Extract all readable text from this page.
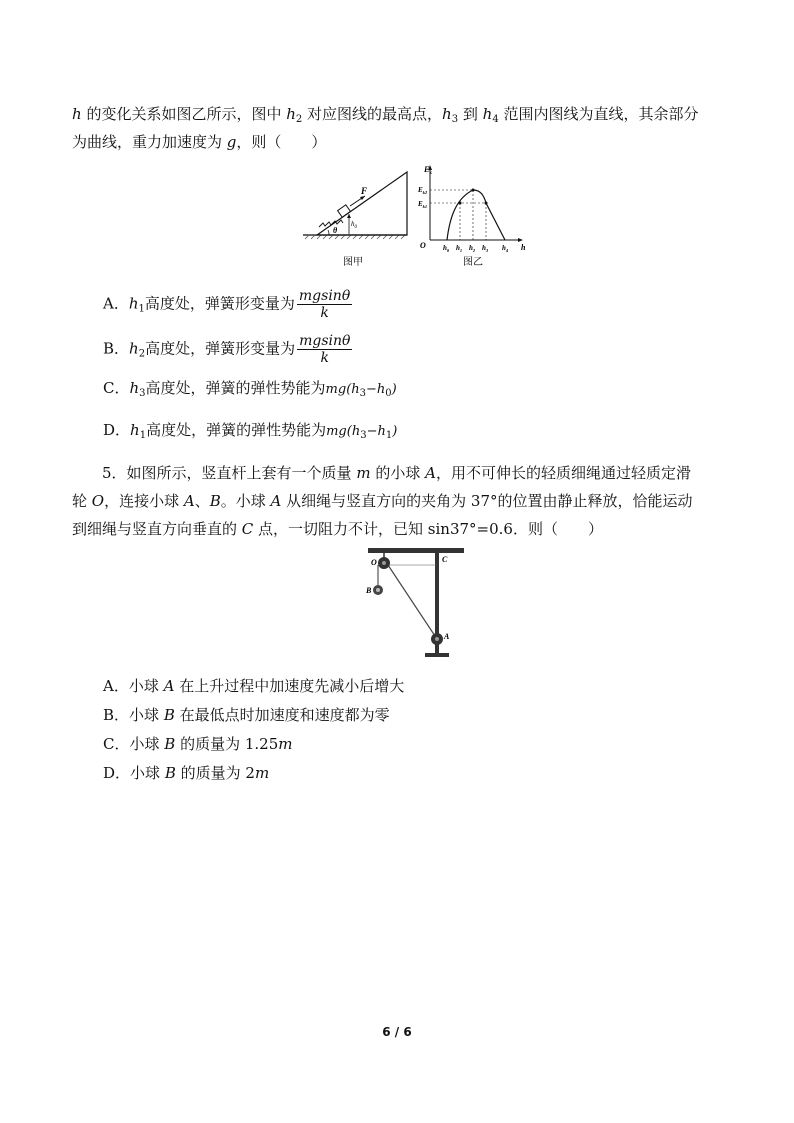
h 的变化关系如图乙所示，图中 $h_2$ 对应图线的最高点，$h_3$ 到 $h_4$ 范围内图线为直线，其余部分
为曲线，重力加速度为 g，则（　　）
F
$h_0$
θ
图甲
$E_k$
$E_{k2}$
$E_{k1}$
O	h
$h_0$ $h_1$ $h_2$ $h_3$ $h_4$
图乙
A．$h_1$高度处，弹簧形变量为 $\frac{mgsin\theta}{k}$
B．$h_2$高度处，弹簧形变量为 $\frac{mgsin\theta}{k}$
C．$h_3$高度处，弹簧的弹性势能为$mg(h_3-h_0)$
D．$h_1$高度处，弹簧的弹性势能为$mg(h_3-h_1)$
5．如图所示，竖直杆上套有一个质量 m 的小球 A，用不可伸长的轻质细绳通过轻质定滑
轮 O，连接小球 A、B。小球 A 从细绳与竖直方向的夹角为 37°的位置由静止释放，恰能运动
到细绳与竖直方向垂直的 C 点，一切阻力不计，已知 sin37°=0.6．则（　　）
O	C
B
A
A．小球 A 在上升过程中加速度先减小后增大
B．小球 B 在最低点时加速度和速度都为零
C．小球 B 的质量为 1.25m
D．小球 B 的质量为 2m
6 / 6
